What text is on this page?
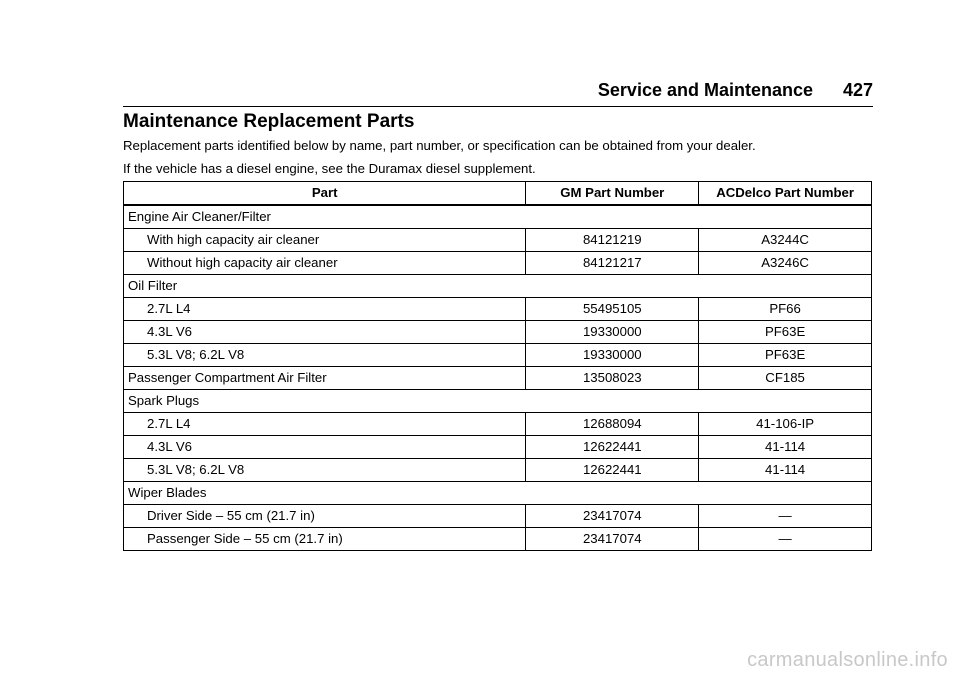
Service and Maintenance 427
Maintenance Replacement Parts

Replacement parts identified below by name, part number, or specification can be obtained from your dealer.

If the vehicle has a diesel engine, see the Duramax diesel supplement.

Part	GM Part Number	ACDelco Part Number
Engine Air Cleaner/Filter		
With high capacity air cleaner	84121219	A3244C
Without high capacity air cleaner	84121217	A3246C
Oil Filter		
2.7L L4	55495105	PF66
4.3L V6	19330000	PF63E
5.3L V8; 6.2L V8	19330000	PF63E
Passenger Compartment Air Filter	13508023	CF185
Spark Plugs		
2.7L L4	12688094	41-106-IP
4.3L V6	12622441	41-114
5.3L V8; 6.2L V8	12622441	41-114
Wiper Blades		
Driver Side – 55 cm (21.7 in)	23417074	—
Passenger Side – 55 cm (21.7 in)	23417074	—
carmanualsonline.info
